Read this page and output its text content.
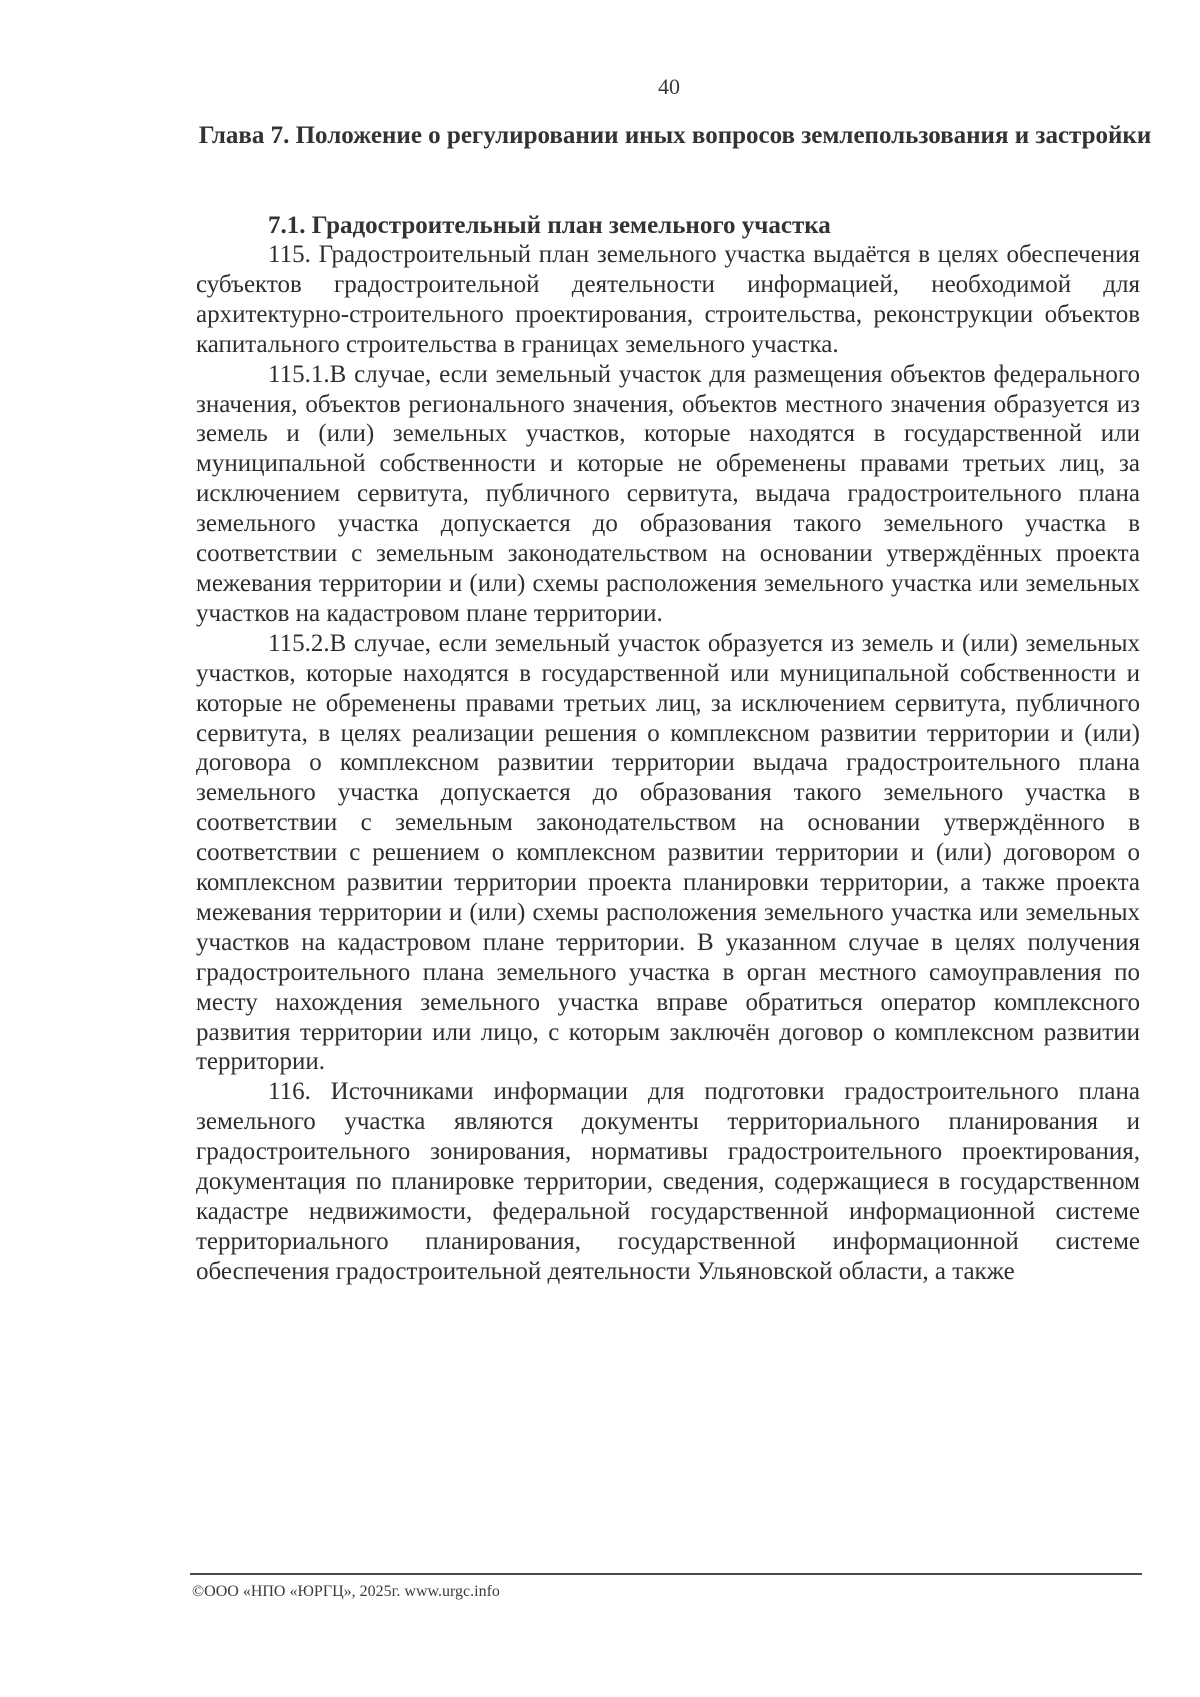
40
Глава 7. Положение о регулировании иных вопросов землепользования и застройки
7.1. Градостроительный план земельного участка

115. Градостроительный план земельного участка выдаётся в целях обеспечения субъектов градостроительной деятельности информацией, необходимой для архитектурно-строительного проектирования, строительства, реконструкции объектов капитального строительства в границах земельного участка.

115.1.В случае, если земельный участок для размещения объектов федерального значения, объектов регионального значения, объектов местного значения образуется из земель и (или) земельных участков, которые находятся в государственной или муниципальной собственности и которые не обременены правами третьих лиц, за исключением сервитута, публичного сервитута, выдача градостроительного плана земельного участка допускается до образования такого земельного участка в соответствии с земельным законодательством на основании утверждённых проекта межевания территории и (или) схемы расположения земельного участка или земельных участков на кадастровом плане территории.

115.2.В случае, если земельный участок образуется из земель и (или) земельных участков, которые находятся в государственной или муниципальной собственности и которые не обременены правами третьих лиц, за исключением сервитута, публичного сервитута, в целях реализации решения о комплексном развитии территории и (или) договора о комплексном развитии территории выдача градостроительного плана земельного участка допускается до образования такого земельного участка в соответствии с земельным законодательством на основании утверждённого в соответствии с решением о комплексном развитии территории и (или) договором о комплексном развитии территории проекта планировки территории, а также проекта межевания территории и (или) схемы расположения земельного участка или земельных участков на кадастровом плане территории. В указанном случае в целях получения градостроительного плана земельного участка в орган местного самоуправления по месту нахождения земельного участка вправе обратиться оператор комплексного развития территории или лицо, с которым заключён договор о комплексном развитии территории.

116. Источниками информации для подготовки градостроительного плана земельного участка являются документы территориального планирования и градостроительного зонирования, нормативы градостроительного проектирования, документация по планировке территории, сведения, содержащиеся в государственном кадастре недвижимости, федеральной государственной информационной системе территориального планирования, государственной информационной системе обеспечения градостроительной деятельности Ульяновской области, а также

©ООО «НПО «ЮРГЦ», 2025г. www.urgc.info
